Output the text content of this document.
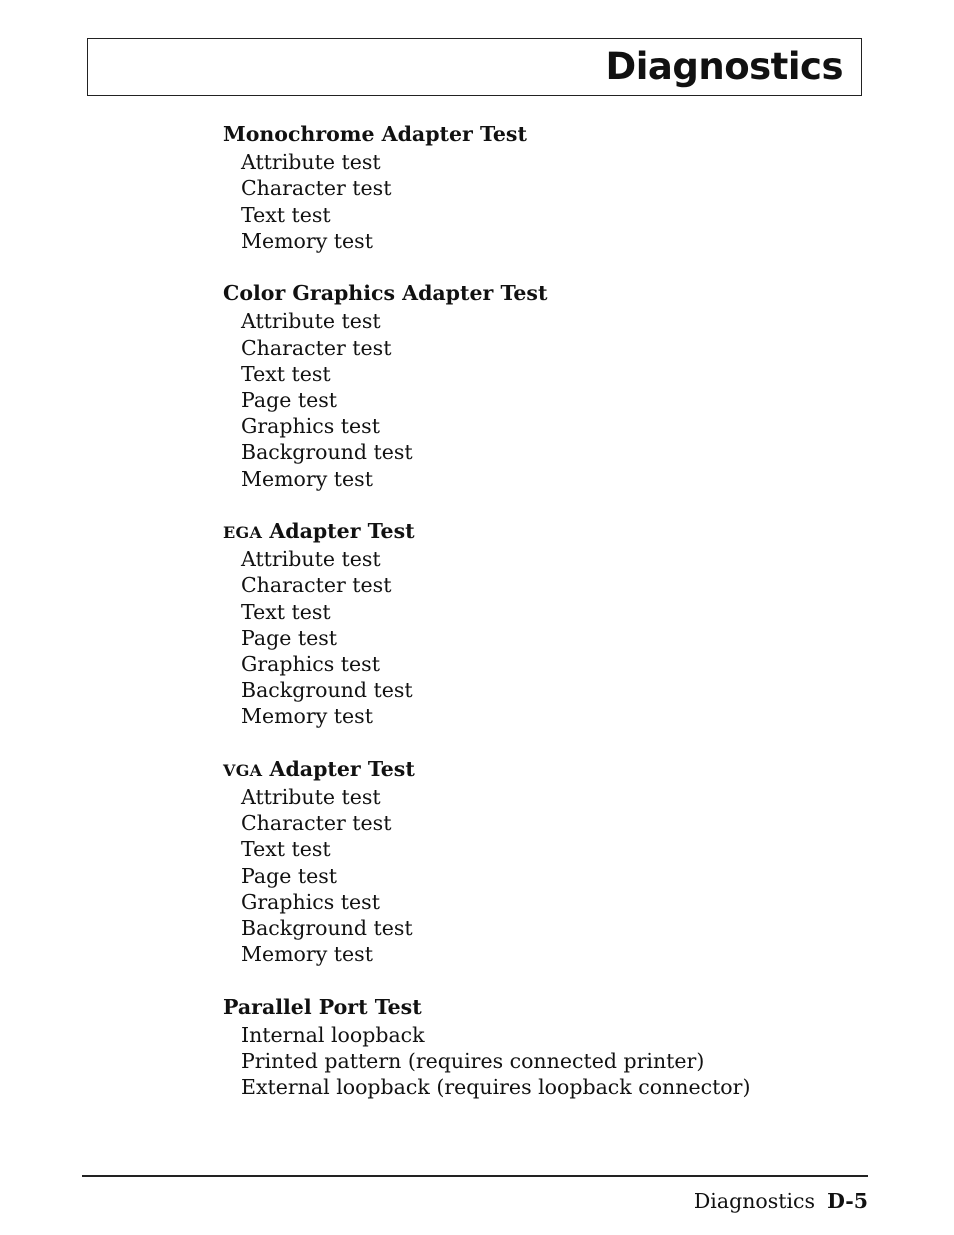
Diagnostics

Monochrome Adapter Test

Attribute test

Character test

Text test

Memory test

Color Graphics Adapter Test

Attribute test

Character test

Text test

Page test

Graphics test

Background test

Memory test

EGA Adapter Test

Attribute test

Character test

Text test

Page test

Graphics test

Background test

Memory test

VGA Adapter Test

Attribute test

Character test

Text test

Page test

Graphics test

Background test

Memory test

Parallel Port Test

Internal loopback

Printed pattern (requires connected printer)

External loopback (requires loopback connector)

Diagnostics D-5
